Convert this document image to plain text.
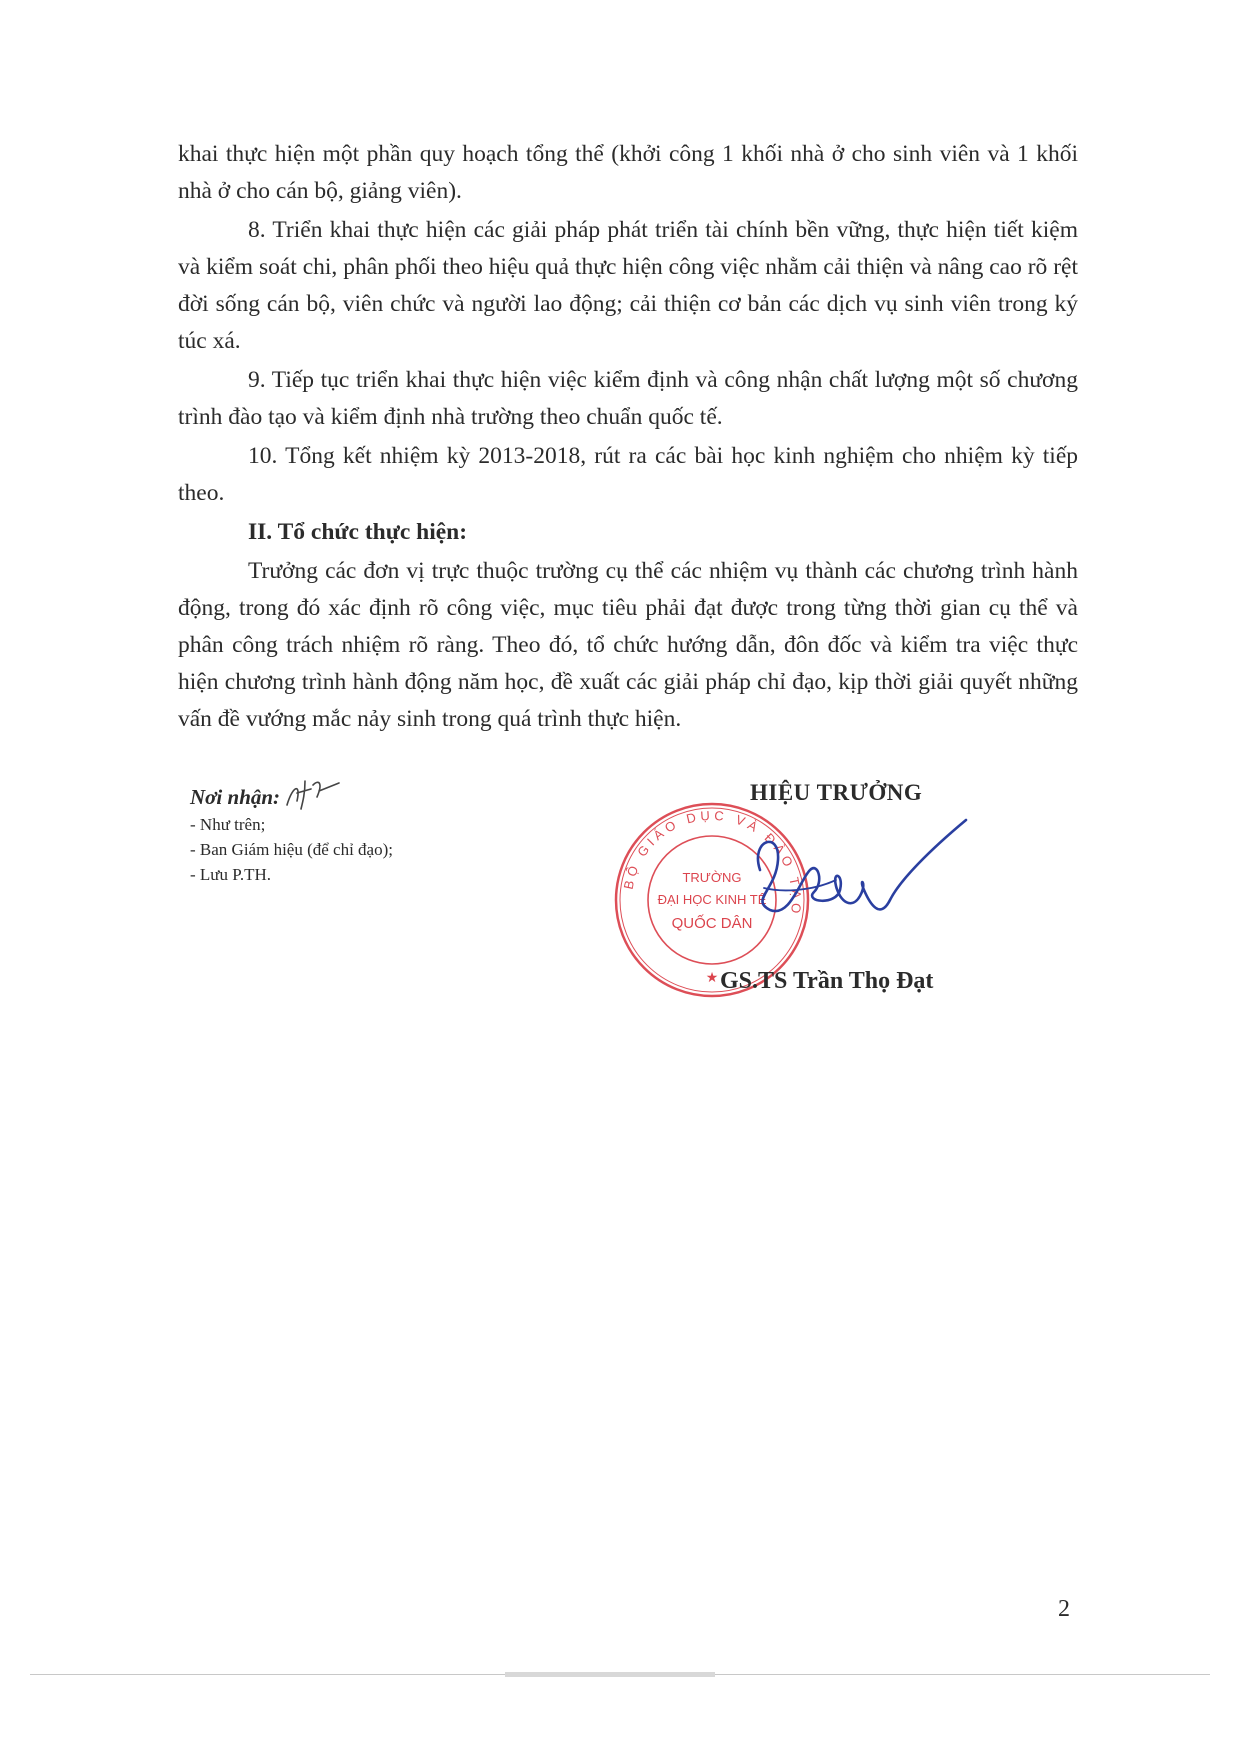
khai thực hiện một phần quy hoạch tổng thể (khởi công 1 khối nhà ở cho sinh viên và 1 khối nhà ở cho cán bộ, giảng viên).

8. Triển khai thực hiện các giải pháp phát triển tài chính bền vững, thực hiện tiết kiệm và kiểm soát chi, phân phối theo hiệu quả thực hiện công việc nhằm cải thiện và nâng cao rõ rệt đời sống cán bộ, viên chức và người lao động; cải thiện cơ bản các dịch vụ sinh viên trong ký túc xá.

9. Tiếp tục triển khai thực hiện việc kiểm định và công nhận chất lượng một số chương trình đào tạo và kiểm định nhà trường theo chuẩn quốc tế.

10. Tổng kết nhiệm kỳ 2013-2018, rút ra các bài học kinh nghiệm cho nhiệm kỳ tiếp theo.

II. Tổ chức thực hiện:

Trưởng các đơn vị trực thuộc trường cụ thể các nhiệm vụ thành các chương trình hành động, trong đó xác định rõ công việc, mục tiêu phải đạt được trong từng thời gian cụ thể và phân công trách nhiệm rõ ràng. Theo đó, tổ chức hướng dẫn, đôn đốc và kiểm tra việc thực hiện chương trình hành động năm học, đề xuất các giải pháp chỉ đạo, kịp thời giải quyết những vấn đề vướng mắc nảy sinh trong quá trình thực hiện.

Nơi nhận:
- Như trên;
- Ban Giám hiệu (để chỉ đạo);
- Lưu P.TH.
HIỆU TRƯỞNG
BỘ GIÁO DỤC VÀ ĐÀO TẠO
TRƯỜNG
ĐẠI HỌC KINH TẾ
QUỐC DÂN
★ GS.TS Trần Thọ Đạt
2
